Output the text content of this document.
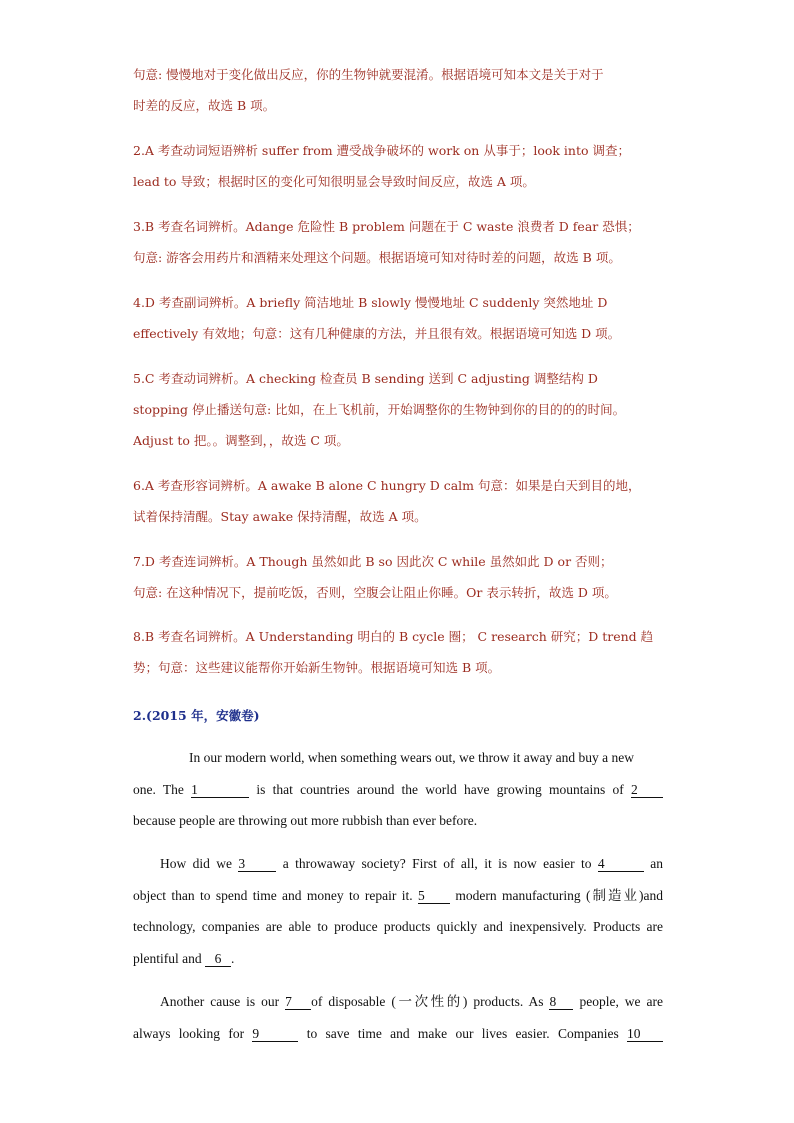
句意: 慢慢地对于变化做出反应，你的生物钟就要混淆。根据语境可知本文是关于对于
时差的反应，故选 B 项。
2.A 考查动词短语辨析 suffer from 遭受战争破坏的 work on 从事于；look into 调查；
lead to 导致；根据时区的变化可知很明显会导致时间反应，故选 A 项。
3.B 考查名词辨析。Adange 危险性 B problem 问题在于 C waste 浪费者 D fear 恐惧；
句意: 游客会用药片和酒精来处理这个问题。根据语境可知对待时差的问题，故选 B 项。
4.D 考查副词辨析。A briefly 简洁地址 B slowly 慢慢地址 C suddenly 突然地址 D
effectively 有效地；句意：这有几种健康的方法，并且很有效。根据语境可知选 D 项。
5.C 考查动词辨析。A checking 检查员 B sending 送到 C adjusting 调整结构 D
stopping 停止播送句意: 比如，在上飞机前，开始调整你的生物钟到你的目的的的时间。
Adjust to 把。。调整到，，故选 C 项。
6.A 考查形容词辨析。A awake B alone C hungry D calm 句意：如果是白天到目的地，
试着保持清醒。Stay awake 保持清醒，故选 A 项。
7.D 考查连词辨析。A Though 虽然如此 B so 因此次 C while 虽然如此 D or 否则；
句意: 在这种情况下，提前吃饭，否则，空腹会让阻止你睡。Or 表示转折，故选 D 项。
8.B 考查名词辨析。A Understanding 明白的 B cycle 圈； C research 研究；D trend 趋
势；句意：这些建议能帮你开始新生物钟。根据语境可知选 B 项。
2.(2015 年，安徽卷)
In our modern world, when something wears out, we throw it away and buy a new
one. The 1	is that countries around the world have growing mountains of 2
because people are throwing out more rubbish than ever before.
How did we 3	a throwaway society? First of all, it is now easier to 4	an
object than to spend time and money to repair it. 5 modern manufacturing (制造业)and
technology, companies are able to produce products quickly and inexpensively. Products are
plentiful and 6 .
Another cause is our 7 of disposable (一次性的) products. As 8 people, we are
always looking for 9	to save time and make our lives easier. Companies 10
